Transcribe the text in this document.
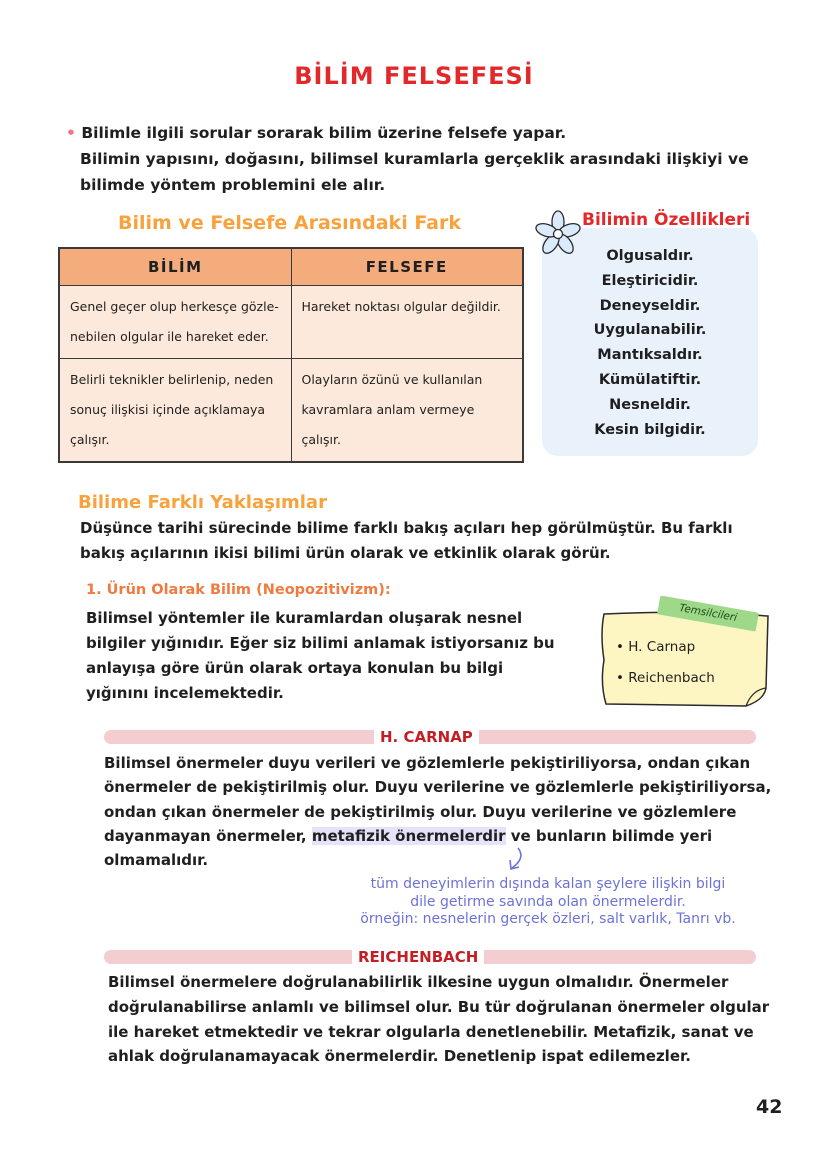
BİLİM FELSEFESİ

• Bilimle ilgili sorular sorarak bilim üzerine felsefe yapar.

Bilimin yapısını, doğasını, bilimsel kuramlarla gerçeklik arasındaki ilişkiyi ve bilimde yöntem problemini ele alır.

Bilim ve Felsefe Arasındaki Fark
BİLİM	FELSEFE
Genel geçer olup herkesçe gözle-nebilen olgular ile hareket eder.	Hareket noktası olgular değildir.
Belirli teknikler belirlenip, neden sonuç ilişkisi içinde açıklamaya çalışır.	Olayların özünü ve kullanılan kavramlara anlam vermeye çalışır.
Bilimin Özellikleri
Olgusaldır.
Eleştiricidir.
Deneyseldir.
Uygulanabilir.
Mantıksaldır.
Kümülatiftir.
Nesneldir.
Kesin bilgidir.
Bilime Farklı Yaklaşımlar

Düşünce tarihi sürecinde bilime farklı bakış açıları hep görülmüştür. Bu farklı bakış açılarının ikisi bilimi ürün olarak ve etkinlik olarak görür.

1. Ürün Olarak Bilim (Neopozitivizm):

Bilimsel yöntemler ile kuramlardan oluşarak nesnel bilgiler yığınıdır. Eğer siz bilimi anlamak istiyorsanız bu anlayışa göre ürün olarak ortaya konulan bu bilgi yığınını incelemektedir.

Temsilcileri
• H. Carnap
• Reichenbach
H. CARNAP

Bilimsel önermeler duyu verileri ve gözlemlerle pekiştiriliyorsa, ondan çıkan önermeler de pekiştirilmiş olur. Duyu verilerine ve gözlemlerle pekiştiriliyorsa, ondan çıkan önermeler de pekiştirilmiş olur. Duyu verilerine ve gözlemlere dayanmayan önermeler, metafizik önermelerdir ve bunların bilimde yeri olmamalıdır.

tüm deneyimlerin dışında kalan şeylere ilişkin bilgi
dile getirme savında olan önermelerdir.
örneğin: nesnelerin gerçek özleri, salt varlık, Tanrı vb.

REICHENBACH

Bilimsel önermelere doğrulanabilirlik ilkesine uygun olmalıdır. Önermeler doğrulanabilirse anlamlı ve bilimsel olur. Bu tür doğrulanan önermeler olgular ile hareket etmektedir ve tekrar olgularla denetlenebilir. Metafizik, sanat ve ahlak doğrulanamayacak önermelerdir. Denetlenip ispat edilemezler.

42
